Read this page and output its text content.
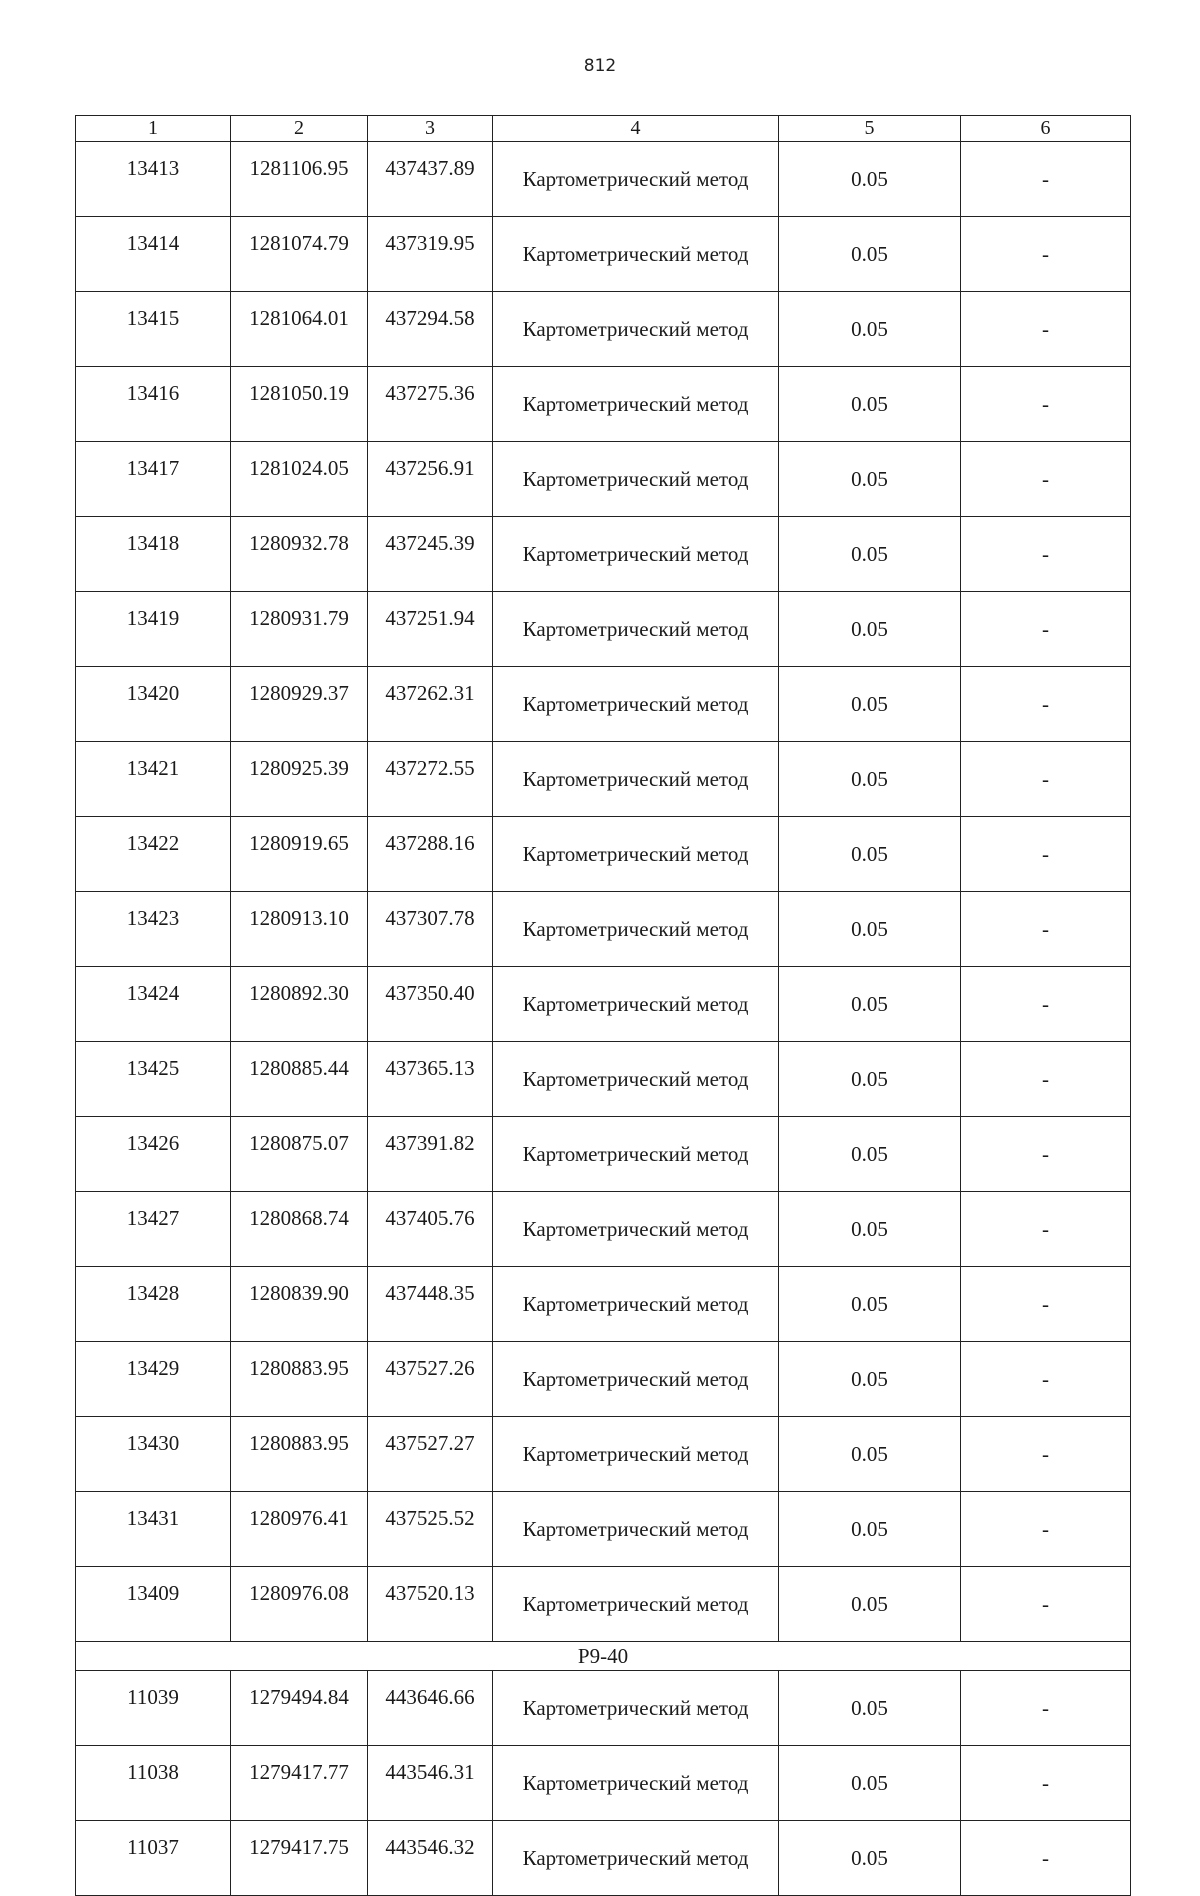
812
1	2	3	4	5	6
13413	1281106.95	437437.89	Картометрический метод	0.05	-
13414	1281074.79	437319.95	Картометрический метод	0.05	-
13415	1281064.01	437294.58	Картометрический метод	0.05	-
13416	1281050.19	437275.36	Картометрический метод	0.05	-
13417	1281024.05	437256.91	Картометрический метод	0.05	-
13418	1280932.78	437245.39	Картометрический метод	0.05	-
13419	1280931.79	437251.94	Картометрический метод	0.05	-
13420	1280929.37	437262.31	Картометрический метод	0.05	-
13421	1280925.39	437272.55	Картометрический метод	0.05	-
13422	1280919.65	437288.16	Картометрический метод	0.05	-
13423	1280913.10	437307.78	Картометрический метод	0.05	-
13424	1280892.30	437350.40	Картометрический метод	0.05	-
13425	1280885.44	437365.13	Картометрический метод	0.05	-
13426	1280875.07	437391.82	Картометрический метод	0.05	-
13427	1280868.74	437405.76	Картометрический метод	0.05	-
13428	1280839.90	437448.35	Картометрический метод	0.05	-
13429	1280883.95	437527.26	Картометрический метод	0.05	-
13430	1280883.95	437527.27	Картометрический метод	0.05	-
13431	1280976.41	437525.52	Картометрический метод	0.05	-
13409	1280976.08	437520.13	Картометрический метод	0.05	-
Р9-40					
11039	1279494.84	443646.66	Картометрический метод	0.05	-
11038	1279417.77	443546.31	Картометрический метод	0.05	-
11037	1279417.75	443546.32	Картометрический метод	0.05	-
